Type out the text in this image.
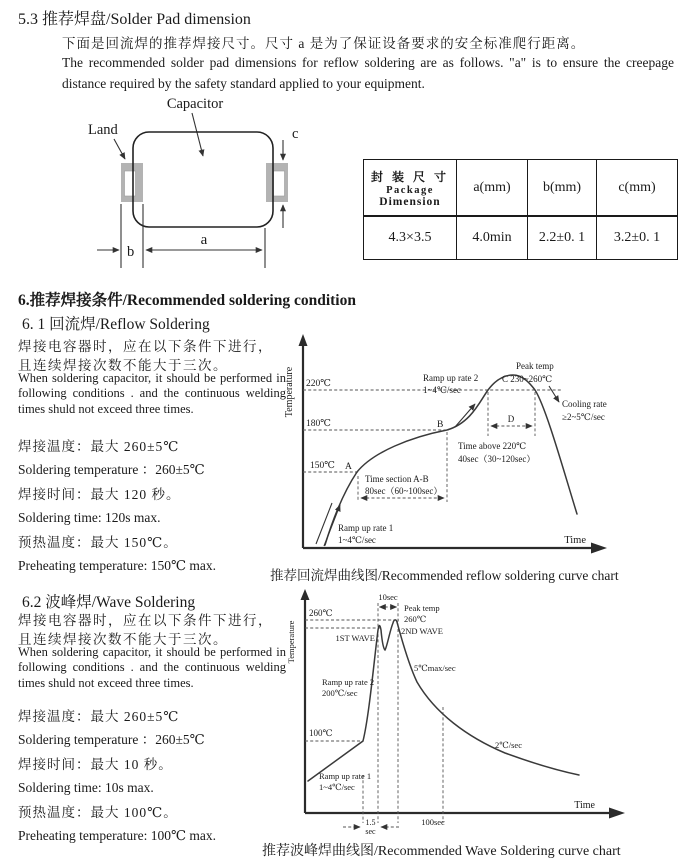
5.3 推荐焊盘/Solder Pad dimension
下面是回流焊的推荐焊接尺寸。尺寸 a 是为了保证设备要求的安全标准爬行距离。
The recommended solder pad dimensions for reflow soldering are as follows. "a" is to ensure the creepage distance required by the safety standard applied to your equipment.
Capacitor
Land	c
b
a
封 装 尺 寸
Package
Dimension	a(mm)	b(mm)	c(mm)
4.3×3.5	4.0min	2.2±0. 1	3.2±0. 1
6.推荐焊接条件/Recommended soldering condition
6. 1 回流焊/Reflow Soldering
焊接电容器时，应在以下条件下进行，
且连续焊接次数不能大于三次。
When soldering capacitor, it should be performed in following conditions . and the continuous welding times shuld not exceed three times.
焊接温度：最大 260±5℃
Soldering temperature ：260±5℃
焊接时间：最大 120 秒。
Soldering time: 120s max.
预热温度：最大 150℃。
Preheating temperature: 150℃ max.
Temperature
Time
220℃
180℃
150℃ A
B
Time section A-B
80sec（60~100sec）
D
Time above 220℃
40sec（30~120sec）
Ramp up rate 2
1~4℃/sec
Peak temp
C 230~260℃
Cooling rate
≥2~5℃/sec
Ramp up rate 1
1~4℃/sec
推荐回流焊曲线图/Recommended reflow soldering curve chart
6.2 波峰焊/Wave Soldering
焊接电容器时，应在以下条件下进行，
且连续焊接次数不能大于三次。
When soldering capacitor, it should be performed in following conditions . and the continuous welding times shuld not exceed three times.
焊接温度：最大 260±5℃
Soldering temperature ：260±5℃
焊接时间：最大 10 秒。
Soldering time: 10s max.
预热温度：最大 100℃。
Preheating temperature: 100℃ max.
Temperature
Time
260℃
100℃
10sec
Peak temp
260℃
2ND WAVE
1ST WAVE
5℃max/sec
Ramp up rate 2
200℃/sec
Ramp up rate 1
1~4℃/sec
2℃/sec
1.5
sec
100sec
推荐波峰焊曲线图/Recommended Wave Soldering curve chart
